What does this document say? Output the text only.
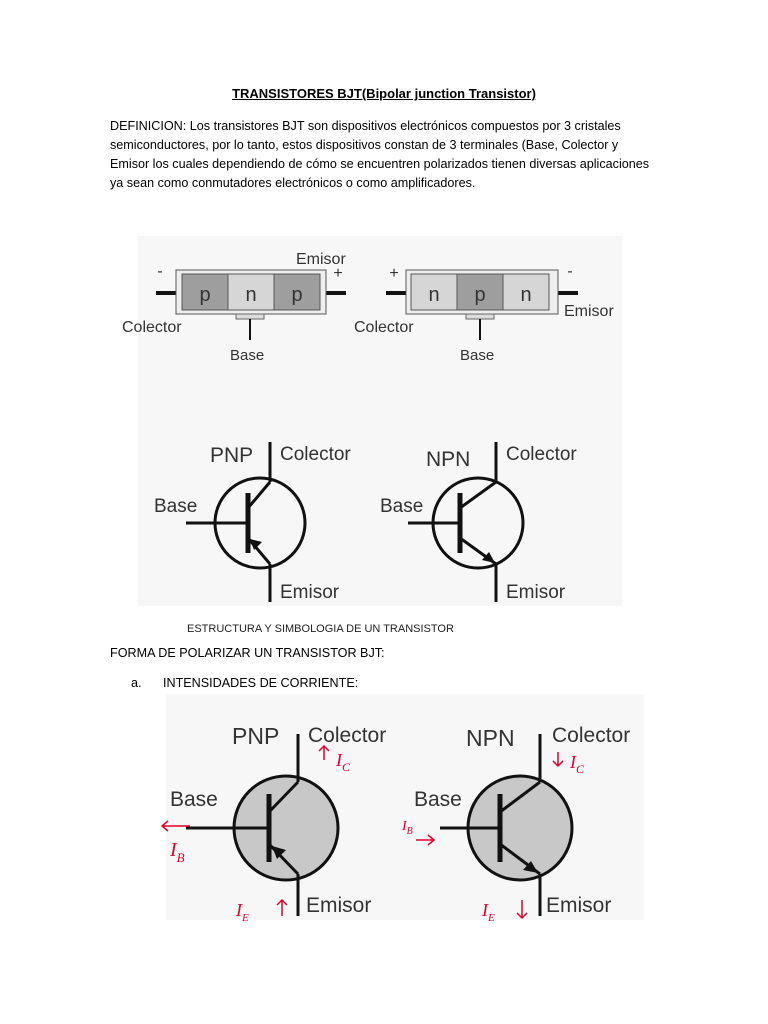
TRANSISTORES BJT(Bipolar junction Transistor)
DEFINICION: Los transistores BJT son dispositivos electrónicos compuestos por 3 cristales semiconductores, por lo tanto, estos dispositivos constan de 3 terminales (Base, Colector y Emisor los cuales dependiendo de cómo se encuentren polarizados tienen diversas aplicaciones ya sean como conmutadores electrónicos o como amplificadores.
p n p
-	+
Emisor
Colector
Base
n p n
+	-
Emisor
Colector
Base
PNP Colector
Base
Emisor
NPN Colector
Base
Emisor
ESTRUCTURA Y SIMBOLOGIA DE UN TRANSISTOR
FORMA DE POLARIZAR UN TRANSISTOR BJT:
a. INTENSIDADES DE CORRIENTE:
PNP Colector
Base
Emisor
$I_C$
$I_B$
$I_E$
NPN Colector
Base
Emisor
$I_C$
$I_B$
$I_E$
